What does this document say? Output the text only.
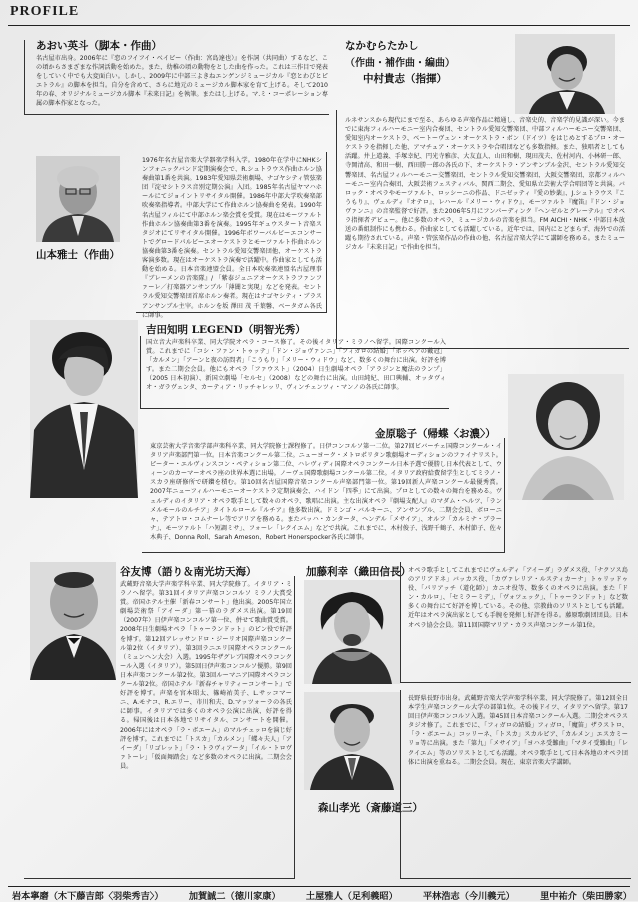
PROFILE
あおい英斗（脚本・作曲）
名古屋市出身。2006年に『恋のフイフイ・ベイビー（作曲：宮島達也）』を作詞（共同曲）するなど、この頃からさまざまな作詞活動を始めた。また、幼稚の頃の動物をとした曲を作った。これは三作目で発表をしていく中でも大変面白い。しかし、2009年に中部三よきねエンゲンジミュージカル『恋とわびとピエトラル』の脚本を担当。自分を含めて、さらに地元のミュージカル脚本家を育て上げる。そして2010年の春、オリジナルミュージカル脚本『未来日記』を執筆。またはし上げる。マ.ミ・コーポレーション専属の脚本作家となった。
山本雅士（作曲）
1976年名古屋音楽大学器楽学科入学。1980年在学中にNHKシンフォニックバンド定期演奏会で、R.シュトラウス作曲ホルン協奏曲第1番を共演。1983年愛知県芸術劇場、ナゴヤシティ管弦楽団『淀せシトラス音別定期公演』入団。1985年名古屋ヤマハホールにてジョイントリサイタル開催。1986年中部大学吹奏楽部吹奏楽指導者。中部大学にて作曲ホルン協奏曲を発表。1990年名古屋フィルにて中部ホルン楽会賞を受賞。現在はモーツァルト作曲ホルン協奏曲第3番を演奏。1995年ギュウスタート音楽スタジオにてリサイタル開催。1996年ボワーバルビーエコンサートでグロードパルビーエオーケストラとモーツァルト作曲ホルン協奏曲第3番を演奏。セントラル愛知交響楽団他、オーケストラ客演多数。現在はオーケストラ演奏で活躍中。作曲家としても活動を始める。日本音楽連盟会員。全日本吹奏楽連盟名古屋理事 『ブレーメンの音楽隊』/ 「紫泰ジュニアオーケストラファンファーレ／打楽器アンサンブル「薄闇と実現」などを発表。セントラル愛知交響楽団首席ホルン奏者。現在はナゴヤシティ・ブラスアンサンブル主宰。ホルンを坂 澤田 茂 千葉馨、ベータガム各氏に師事。
なかむらたかし
（作曲・補作曲・編曲）
中村貴志（指揮）
ルネサンスから現代にまで至る、あらゆる声楽作品に精通し、音楽史的、音楽学的見識が深い。今までに東海フィルハーモニー室内合奏団、セントラル愛知交響楽団、中部フィルハーモニー交響楽団、愛知室内オーケストラ、ベートーヴェン・オーケストラ・ボン（ドイツ）をはじめとするプロ・オーケストラを指揮した他、アマチュア・オーケストラや合唱団なども多数指揮。また、独唱者としても活躍。井上道義、手塚幸紀、円光寺雅彦、大友直人、山田和樹、現田茂夫、佐村河内、小林研一郎、寺岡清高、和田一樹、西田勝一郎の各氏の下、オーケストラ・アンサンブル金沢、セントラル愛知交響楽団、名古屋フィルハーモニー交響楽団、セントラル愛知交響楽団、大阪交響楽団、京都フィルハーモニー室内合奏団、大阪芸術フェスティバル、関西二期会、愛知県立芸術大学合唱団等と共演。バロック・オペラやモーツァルト、ロッシーニの作品、ドニゼッティ『愛の妙薬』、J.シュトラウス『こうもり』、ヴェルディ『オテロ』、レハール『メリー・ウィドウ』、モーツァルト『魔笛』『ドン・ジョヴァンニ』の音楽監督で好評。また2006年5月にフンパーディンク『ヘンゼルとグレーテル』でオペラ指揮者デビュー。他に多数のオペラ、ミュージカルの音楽を担当。FM AICHI・NHK・中部日本放送の番組制作にも携わる。作曲家としても活躍している。近年では、国内にとどまらず、海外での活躍も期待されている。声楽・管弦楽作品の作曲の他、名古屋音楽大学にて講師を務める。またミュージカル『未来日記』で作曲を担当。
吉田知明 LEGEND（明智光秀）
国立音大声楽科卒業、同大学院オペラ・コース修了。その後イタリア・ミラノへ留学。国際コンクール入賞。これまでに「コシ・ファン・トゥッテ」「ドン・ジョヴァンニ」「フィガロの結婚」「ボッベアの戴冠」「カルメン」「アーンと夜の訪問者」「こうもり」「メリー・ウィドウ」など、数多くの舞台に出演。好評を博す。また二期会会員。他にもオペラ「ファウスト」（2004）日生劇場オペラ「アラジンと魔法のランプ」（2005 日本初演）、新国立劇場「セルセ」（2008）などの舞台に出演。山田純紀、田口興輔、オッタヴィオ・ガラヴェンタ、カーティア・リッチャレッリ、ヴィンチェンツィ・マンノの各氏に師事。
金原聡子（帰蝶〈お濃〉）
東京芸術大学音楽学部声楽科卒業、同大学院修士課程修了。日伊コンコルソ第一二位。第27回ビバーチェ国際コンクール・イタリア声楽部門第一位。日本音楽コンクール第二位。ニューヨーク・メトロポリタン歌劇場オーディションのファイナリスト。ピーター・エルヴィンスコン・ペティション第二位、ハレヴィディ国際オペラコンクール日本予選で優勝し日本代表として、ウィーンのカーマーオペラ座の世界本選に出場。ノーヴェ国際歌劇場コンクール第二位。イタリア政府給費留学生としてミラノ・スカラ座研修所で研鑽を積む。第10回名古屋国際音楽コンクール声楽部門第一位。第19回新人声楽コンクール最優秀賞。2007年ニューフィルハーモニーオーケストラ定期演奏会、ハイドン「四季」にて出演。プロとしての数々の舞台を務める。ヴェルディのイタリア・オペラ歌手として数々のオペラ、歌唱に出演。主な出演オペラ『劇場支配人』のマダム・ヘルツ、「ランメルモールのルチア」タイトルロール『ルチア』他多数出演。ドミンゴ・バルキーニ、アンサンブル、二期会会員、ボローニャ、テアトロ・コムナーレ等でアリアを務める。またバッハ・カンタータ、ヘンデル「メサイア」、オルフ「カルミナ・ブラーナ」、モーツァルト「ハ短調ミサ」、フォーレ「レクイエム」などで共演。これまでに、木村俊子、浅野千鶴子、木村節子、佐々木典子、Donna Roll、Sarah Ameson、Robert Honerspocker各氏に師事。
谷友博（語り＆南光坊天海）
武蔵野音楽大学声楽学科卒業、同大学院修了。イタリア・ミラノへ留学。第31回イタリア声楽コンコルソ ミラノ大賞受賞。帝国ホテル主催「新春コンサート」他出演。2005年国立劇場芸術祭「アイーダ」第一幕のラダメス出演。第19回（2007年）日伊声楽コンコルソ第一位、併せて歌曲賞受賞。2008年日生劇場オペラ「トゥーランドット」のピン役で好評を博す。第12回アレッサンドロ・ジーリオ国際声楽コンクール第2位（イタリア）、第3回ラニエリ国際オペラコンクール（ミュンヘン大会）入選。1995年ザグレブ国際オペラコンクール入選（イタリア）。第5回日伊声楽コンコルソ優勝。第9回日本声楽コンクール第2位。第3回ルーマニア国際オペラコンクール第2位。帝国ホテル『新春チャリティーコンサート』で好評を博す。声楽を宮本昭太、篠崎祐美子、L.サッコマーニ、A.モナコ、R.エリー、市川和夫、D.マッツォーラの各氏に師事。イタリアでは多くのオペラ公演に出演、好評を得る。帰国後は日本各地でリサイタル、コンサートを開催。2006年にはオペラ「ラ・ボエーム」のマルチェッロを演じ好評を博す。これまでに「トスカ」「カルメン」「蝶々夫人」「アイーダ」「リゴレット」「ラ・トラヴィアータ」「イル・トロヴァトーレ」「仮面舞踏会」など多数のオペラに出演。二期会会員。
加藤利幸（織田信長）
オペラ歌手としてこれまでにヴェルディ「アイーダ」ラダメス役、「ナクソス島のアリアドネ」バッカス役、「カヴァレリア・ルスティカーナ」トゥリッドゥ役、「パリアッチ（道化師）」カニオ役等、数多くのオペラに出演。また「ドン・カルロ」、「セミラーミデ」、「ヴォツェック」、「トゥーランドット」など数多くの舞台にて好評を博している。その他、宗教曲のソリストとしても活躍。近年はオペラ演出家としても手腕を発揮し好評を得る。藤原歌劇団団員。日本オペラ協会会員。第11回国際マリア・カラス声楽コンクール第1位。
森山孝光（斎藤道三）
長野県長野市出身。武蔵野音楽大学声楽学科卒業、同大学院修了。第12回全日本学生声楽コンクール大学の部第1位。その後ドイツ、イタリアへ留学。第17回日伊声楽コンコルソ入選。第45回日本音楽コンクール入選。二期会オペラスタジオ修了。これまでに、「フィガロの結婚」フィガロ、「魔笛」ザラストロ、「ラ・ボエーム」コッリーネ、「トスカ」スカルピア、「カルメン」エスカミーリョ等に出演。また「第九」「メサイア」「ヨハネ受難曲」「マタイ受難曲」「レクイエム」等のソリストとしても活躍。オペラ歌手として日本各地のオペラ団体に出演を重ねる。二期会会員。現在、東京音楽大学講師。
岩本寧磨（木下藤吉郎〈羽柴秀吉〉）	加賀誠二（徳川家康）	土屋雅人（足利義昭）	平林浩志（今川義元）	里中祐介（柴田勝家）
